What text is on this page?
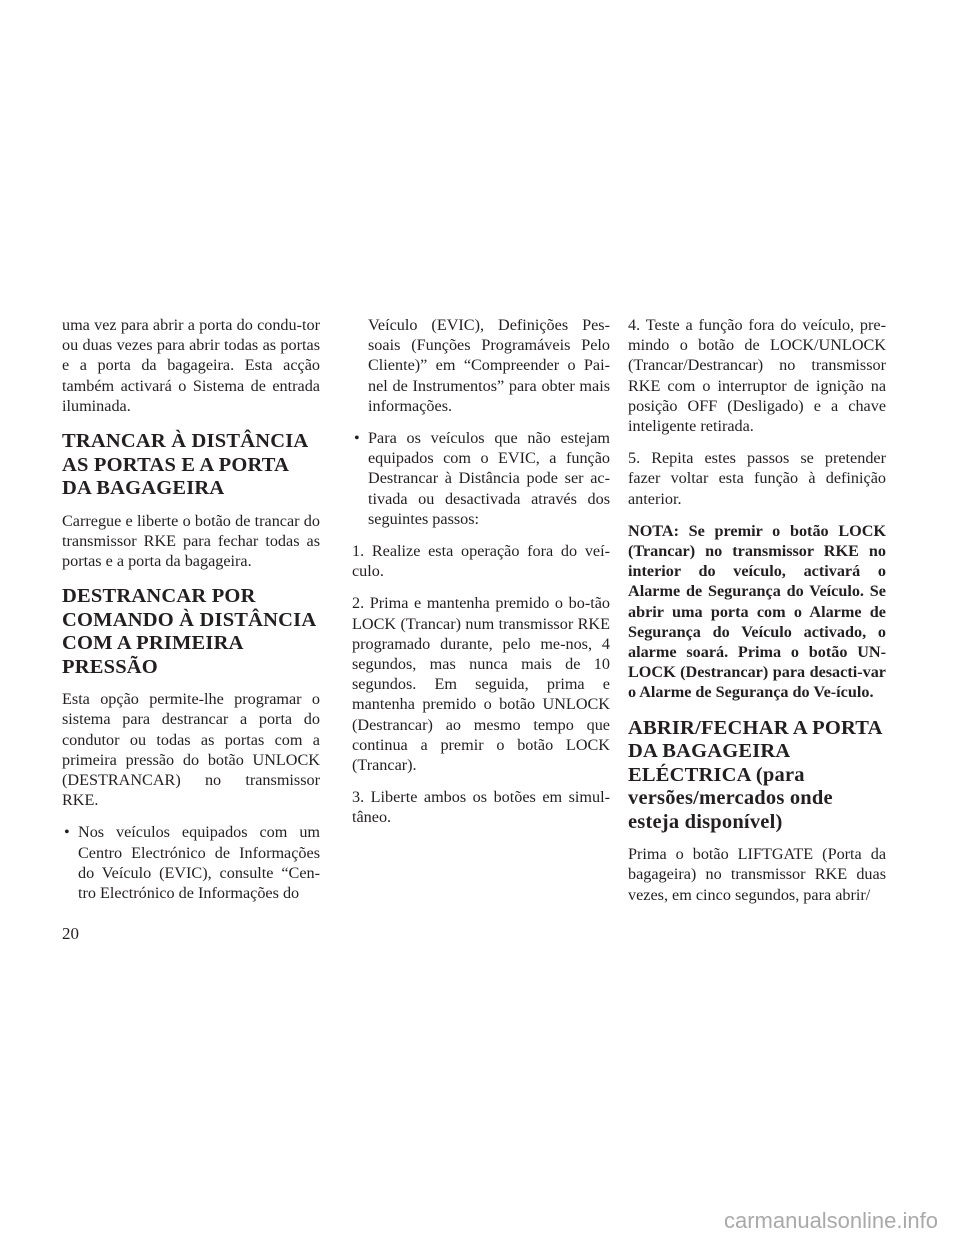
uma vez para abrir a porta do condu-tor ou duas vezes para abrir todas as portas e a porta da bagageira. Esta acção também activará o Sistema de entrada iluminada.

TRANCAR À DISTÂNCIA AS PORTAS E A PORTA DA BAGAGEIRA

Carregue e liberte o botão de trancar do transmissor RKE para fechar todas as portas e a porta da bagageira.

DESTRANCAR POR COMANDO À DISTÂNCIA COM A PRIMEIRA PRESSÃO

Esta opção permite-lhe programar o sistema para destrancar a porta do condutor ou todas as portas com a primeira pressão do botão UNLOCK (DESTRANCAR) no transmissor RKE.

• Nos veículos equipados com um Centro Electrónico de Informações do Veículo (EVIC), consulte “Cen-tro Electrónico de Informações do
Veículo (EVIC), Definições Pes-soais (Funções Programáveis Pelo Cliente)” em “Compreender o Pai-nel de Instrumentos” para obter mais informações.
• Para os veículos que não estejam equipados com o EVIC, a função Destrancar à Distância pode ser ac-tivada ou desactivada através dos seguintes passos:

1. Realize esta operação fora do veí-culo.

2. Prima e mantenha premido o bo-tão LOCK (Trancar) num transmissor RKE programado durante, pelo me-nos, 4 segundos, mas nunca mais de 10 segundos. Em seguida, prima e mantenha premido o botão UNLOCK (Destrancar) ao mesmo tempo que continua a premir o botão LOCK (Trancar).

3. Liberte ambos os botões em simul-tâneo.

4. Teste a função fora do veículo, pre-mindo o botão de LOCK/UNLOCK (Trancar/Destrancar) no transmissor RKE com o interruptor de ignição na posição OFF (Desligado) e a chave inteligente retirada.

5. Repita estes passos se pretender fazer voltar esta função à definição anterior.

NOTA: Se premir o botão LOCK (Trancar) no transmissor RKE no interior do veículo, activará o Alarme de Segurança do Veículo. Se abrir uma porta com o Alarme de Segurança do Veículo activado, o alarme soará. Prima o botão UN-LOCK (Destrancar) para desacti-var o Alarme de Segurança do Ve-ículo.

ABRIR/FECHAR A PORTA DA BAGAGEIRA ELÉCTRICA (para versões/mercados onde esteja disponível)

Prima o botão LIFTGATE (Porta da bagageira) no transmissor RKE duas vezes, em cinco segundos, para abrir/

20
carmanualsonline.info
